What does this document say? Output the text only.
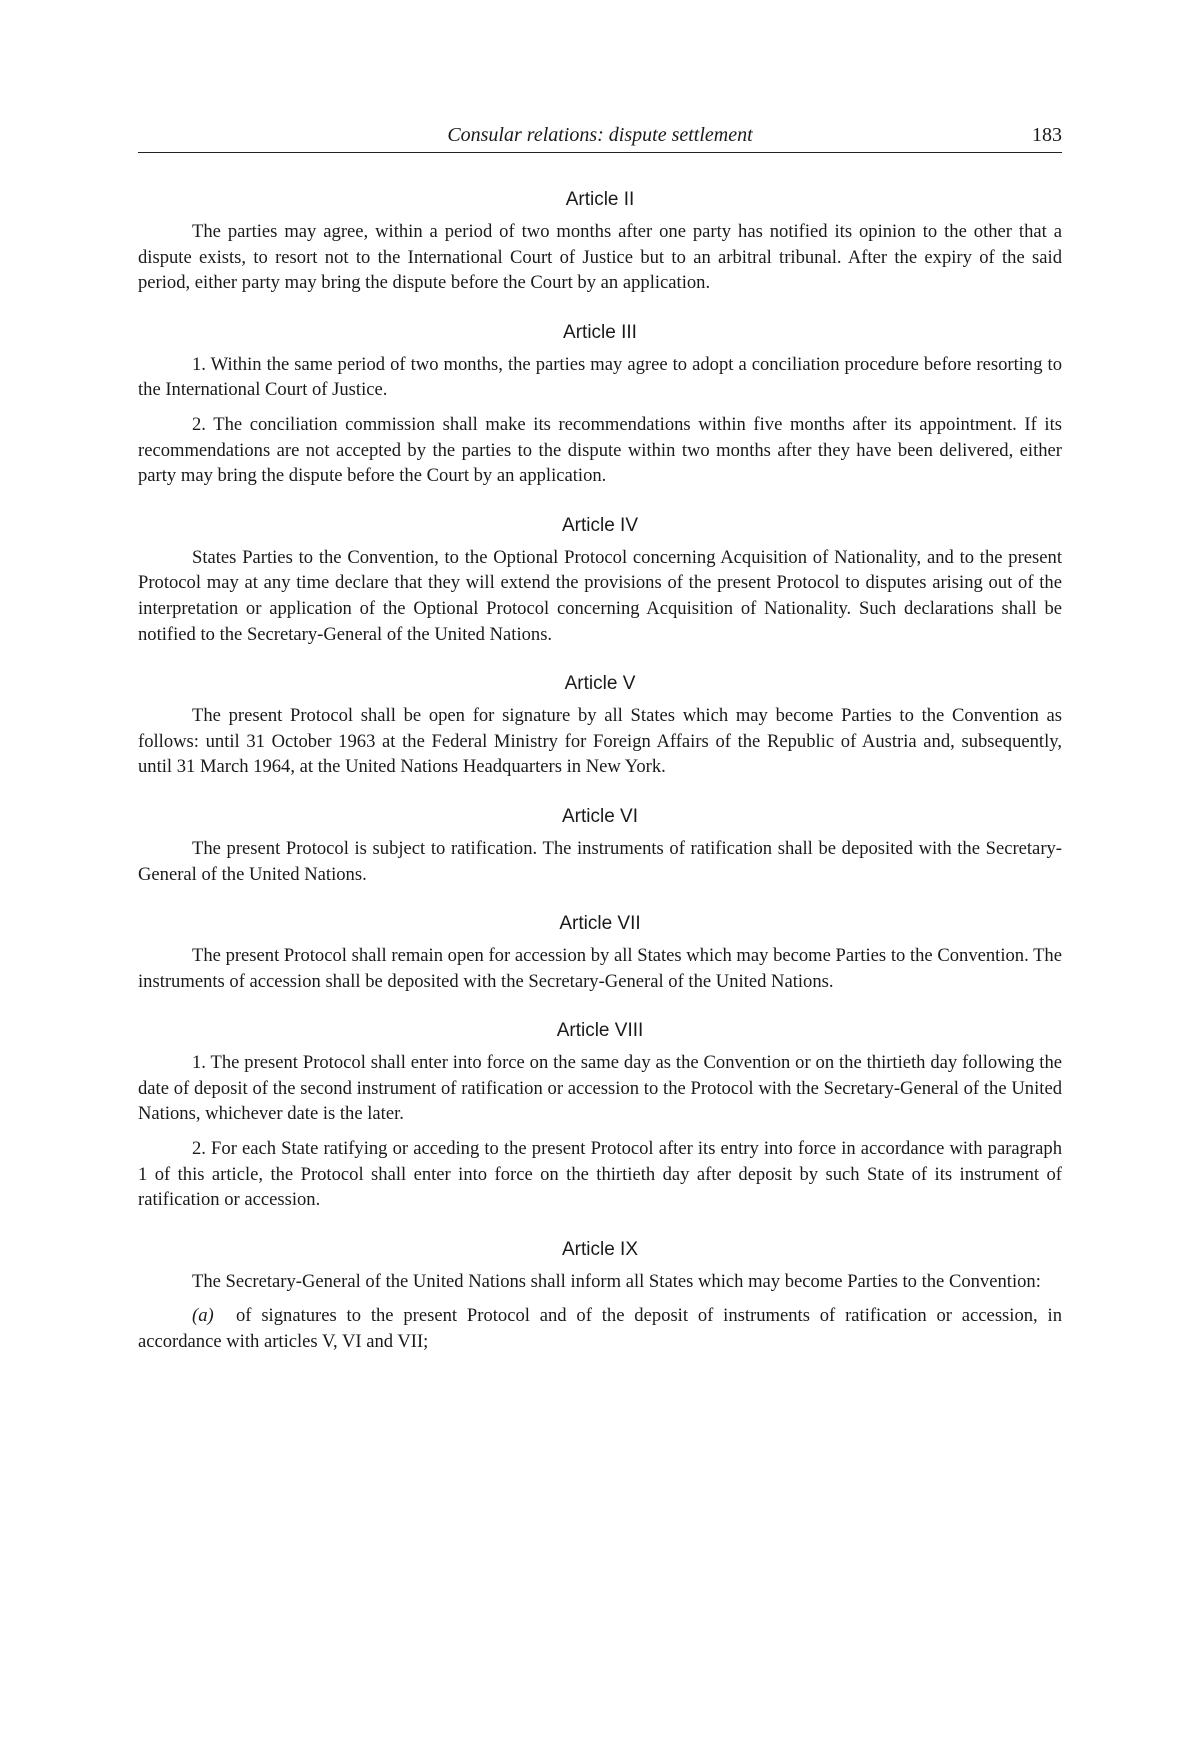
Consular relations: dispute settlement	183
Article II

The parties may agree, within a period of two months after one party has notified its opinion to the other that a dispute exists, to resort not to the International Court of Justice but to an arbitral tribunal. After the expiry of the said period, either party may bring the dispute before the Court by an application.

Article III

1. Within the same period of two months, the parties may agree to adopt a conciliation procedure before resorting to the International Court of Justice.

2. The conciliation commission shall make its recommendations within five months after its appointment. If its recommendations are not accepted by the parties to the dispute within two months after they have been delivered, either party may bring the dispute before the Court by an application.

Article IV

States Parties to the Convention, to the Optional Protocol concerning Acquisition of Nationality, and to the present Protocol may at any time declare that they will extend the provisions of the present Protocol to disputes arising out of the interpretation or application of the Optional Protocol concerning Acquisition of Nationality. Such declarations shall be notified to the Secretary-General of the United Nations.

Article V

The present Protocol shall be open for signature by all States which may become Parties to the Convention as follows: until 31 October 1963 at the Federal Ministry for Foreign Affairs of the Republic of Austria and, subsequently, until 31 March 1964, at the United Nations Headquarters in New York.

Article VI

The present Protocol is subject to ratification. The instruments of ratification shall be deposited with the Secretary-General of the United Nations.

Article VII

The present Protocol shall remain open for accession by all States which may become Parties to the Convention. The instruments of accession shall be deposited with the Secretary-General of the United Nations.

Article VIII

1. The present Protocol shall enter into force on the same day as the Convention or on the thirtieth day following the date of deposit of the second instrument of ratification or accession to the Protocol with the Secretary-General of the United Nations, whichever date is the later.

2. For each State ratifying or acceding to the present Protocol after its entry into force in accordance with paragraph 1 of this article, the Protocol shall enter into force on the thirtieth day after deposit by such State of its instrument of ratification or accession.

Article IX

The Secretary-General of the United Nations shall inform all States which may become Parties to the Convention:

(a) of signatures to the present Protocol and of the deposit of instruments of ratification or accession, in accordance with articles V, VI and VII;
